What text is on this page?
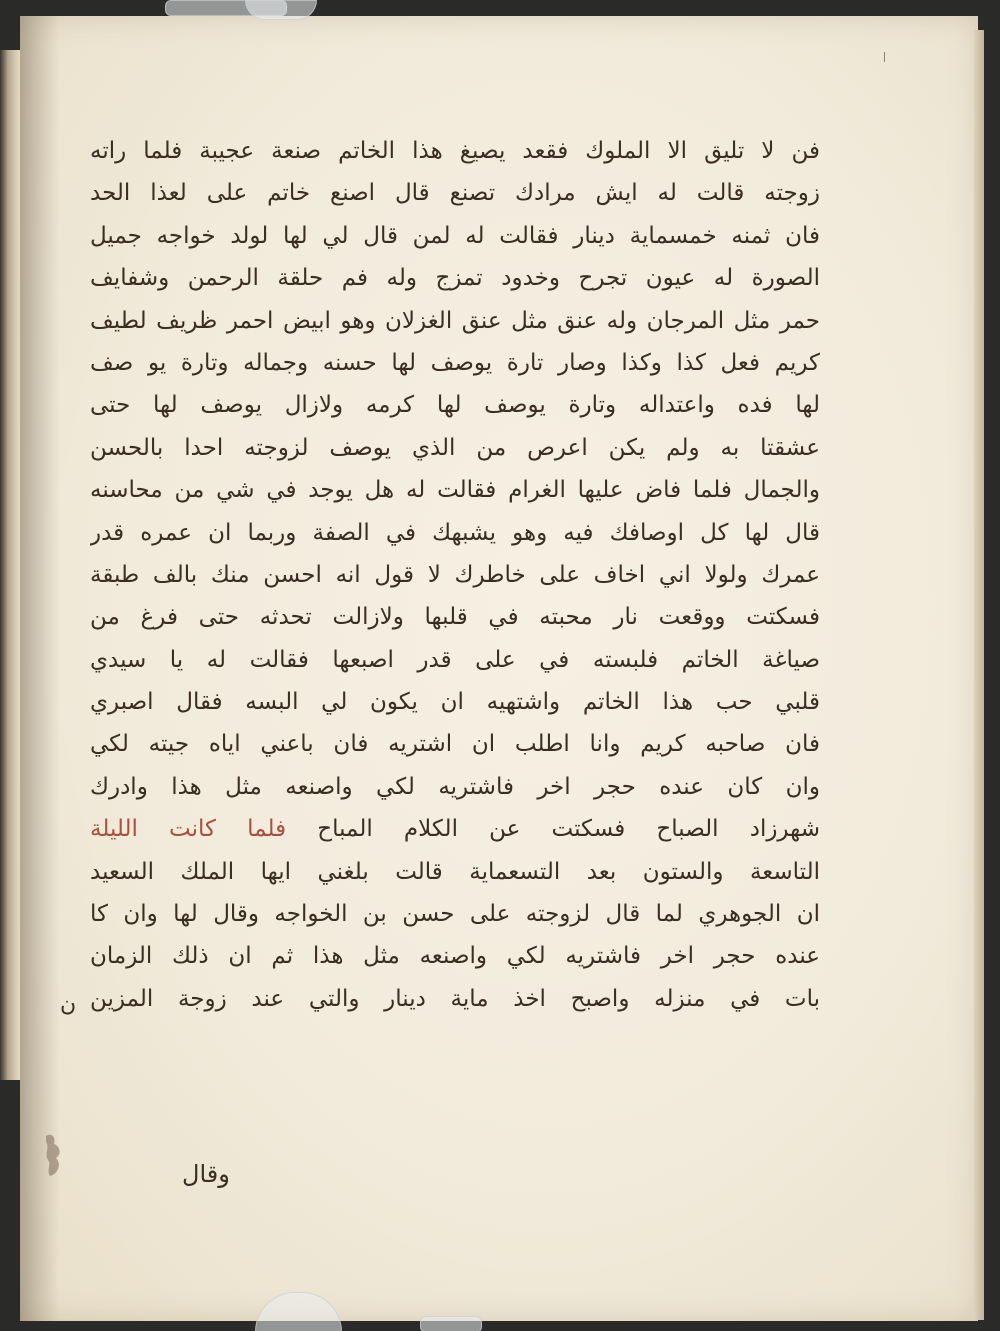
فن لا تليق الا الملوك فقعد يصيغ هذا الخاتم صنعة عجيبة فلما راته
زوجته قالت له ايش مرادك تصنع قال اصنع خاتم على لعذا الحد
فان ثمنه خمسماية دينار فقالت له لمن قال لي لها لولد خواجه جميل
الصورة له عيون تجرح وخدود تمزج وله فم حلقة الرحمن وشفايف
حمر مثل المرجان وله عنق مثل عنق الغزلان وهو ابيض احمر ظريف لطيف
كريم فعل كذا وكذا وصار تارة يوصف لها حسنه وجماله وتارة يو صف
لها فده واعتداله وتارة يوصف لها كرمه ولازال يوصف لها حتى
عشقتا به ولم يكن اعرص من الذي يوصف لزوجته احدا بالحسن
والجمال فلما فاض عليها الغرام فقالت له هل يوجد في شي من محاسنه
قال لها كل اوصافك فيه وهو يشبهك في الصفة وربما ان عمره قدر
عمرك ولولا اني اخاف على خاطرك لا قول انه احسن منك بالف طبقة
فسكتت ووقعت نار محبته في قلبها ولازالت تحدثه حتى فرغ من
صياغة الخاتم فلبسته في على قدر اصبعها فقالت له يا سيدي
قلبي حب هذا الخاتم واشتهيه ان يكون لي البسه فقال اصبري
فان صاحبه كريم وانا اطلب ان اشتريه فان باعني اياه جيته لكي
وان كان عنده حجر اخر فاشتريه لكي واصنعه مثل هذا وادرك
شهرزاد الصباح فسكتت عن الكلام المباح فلما كانت الليلة
التاسعة والستون بعد التسعماية قالت بلغني ايها الملك السعيد
ان الجوهري لما قال لزوجته على حسن بن الخواجه وقال لها وان كا
عنده حجر اخر فاشتريه لكي واصنعه مثل هذا ثم ان ذلك الزمان
بات في منزله واصبح اخذ ماية دينار والتي عند زوجة المزين
ن
وقال
